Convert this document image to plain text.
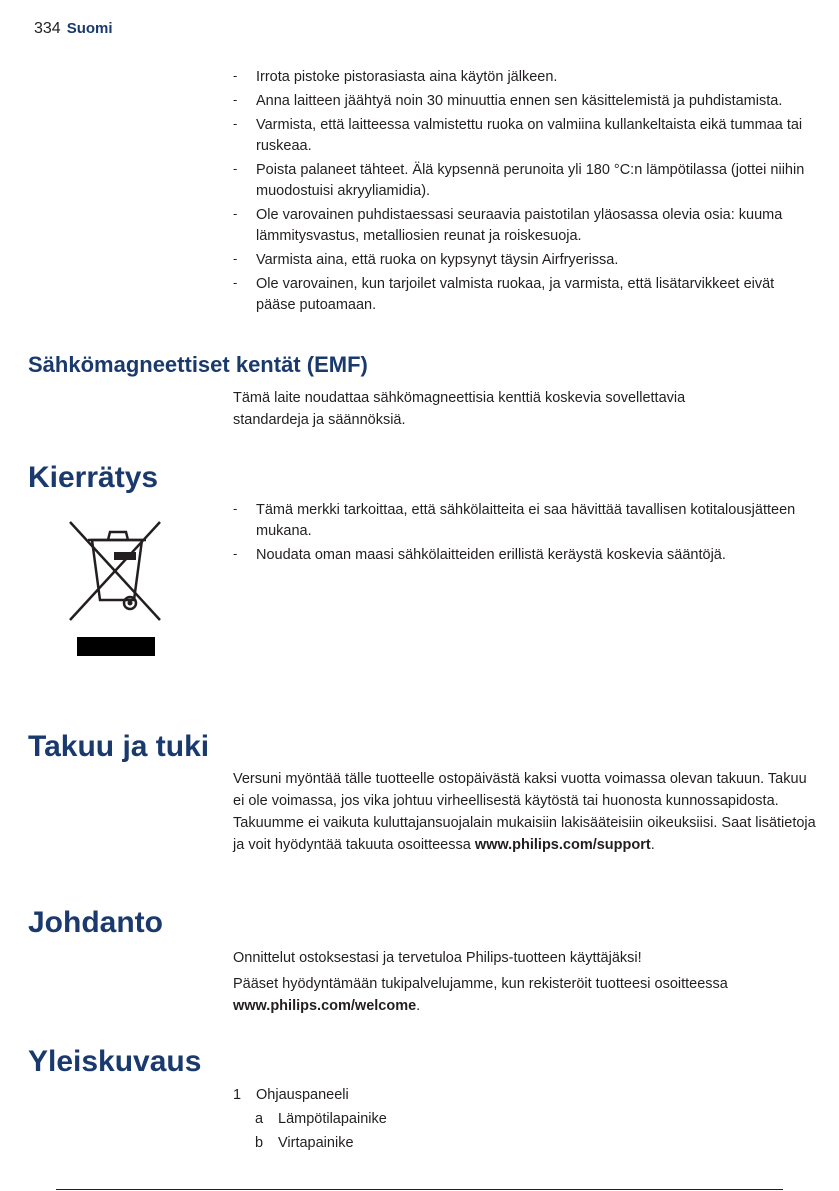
334 Suomi
- Irrota pistoke pistorasiasta aina käytön jälkeen.
- Anna laitteen jäähtyä noin 30 minuuttia ennen sen käsittelemistä ja puhdistamista.
- Varmista, että laitteessa valmistettu ruoka on valmiina kullankeltaista eikä tummaa tai ruskeaa.
- Poista palaneet tähteet. Älä kypsennä perunoita yli 180 °C:n lämpötilassa (jottei niihin muodostuisi akryyliamidia).
- Ole varovainen puhdistaessasi seuraavia paistotilan yläosassa olevia osia: kuuma lämmitysvastus, metalliosien reunat ja roiskesuoja.
- Varmista aina, että ruoka on kypsynyt täysin Airfryerissa.
- Ole varovainen, kun tarjoilet valmista ruokaa, ja varmista, että lisätarvikkeet eivät pääse putoamaan.
Sähkömagneettiset kentät (EMF)

Tämä laite noudattaa sähkömagneettisia kenttiä koskevia sovellettavia standardeja ja säännöksiä.

Kierrätys
- Tämä merkki tarkoittaa, että sähkölaitteita ei saa hävittää tavallisen kotitalousjätteen mukana.
- Noudata oman maasi sähkölaitteiden erillistä keräystä koskevia sääntöjä.
Takuu ja tuki

Versuni myöntää tälle tuotteelle ostopäivästä kaksi vuotta voimassa olevan takuun. Takuu ei ole voimassa, jos vika johtuu virheellisestä käytöstä tai huonosta kunnossapidosta. Takuumme ei vaikuta kuluttajansuojalain mukaisiin lakisääteisiin oikeuksiisi. Saat lisätietoja ja voit hyödyntää takuuta osoitteessa www.philips.com/support.

Johdanto

Onnittelut ostoksestasi ja tervetuloa Philips-tuotteen käyttäjäksi!

Pääset hyödyntämään tukipalvelujamme, kun rekisteröit tuotteesi osoitteessa www.philips.com/welcome.

Yleiskuvaus
1 Ohjauspaneeli
a Lämpötilapainike
b Virtapainike
